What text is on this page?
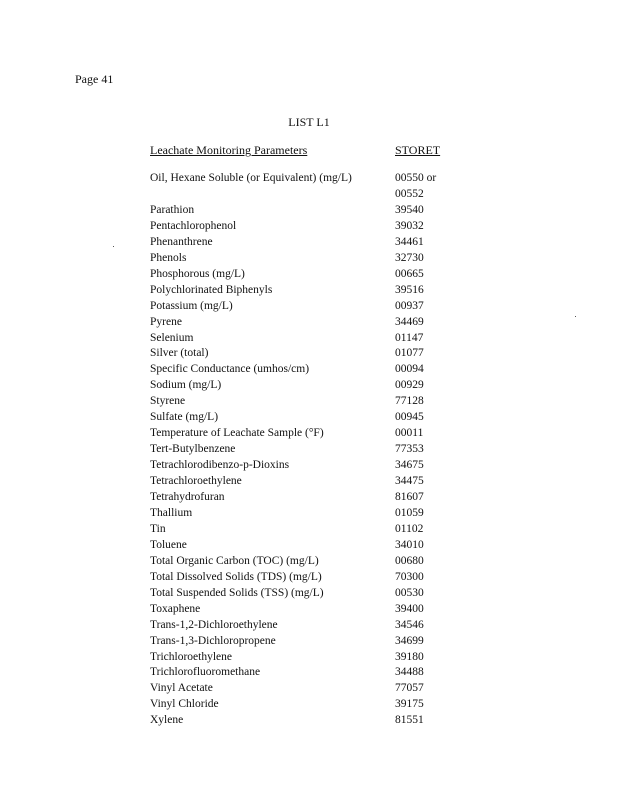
Page 41
LIST L1
Leachate Monitoring Parameters	STORET
Oil, Hexane Soluble (or Equivalent) (mg/L)	00550 or
00552
Parathion	39540
Pentachlorophenol	39032
Phenanthrene	34461
Phenols	32730
Phosphorous (mg/L)	00665
Polychlorinated Biphenyls	39516
Potassium (mg/L)	00937
Pyrene	34469
Selenium	01147
Silver (total)	01077
Specific Conductance (umhos/cm)	00094
Sodium (mg/L)	00929
Styrene	77128
Sulfate (mg/L)	00945
Temperature of Leachate Sample (°F)	00011
Tert-Butylbenzene	77353
Tetrachlorodibenzo-p-Dioxins	34675
Tetrachloroethylene	34475
Tetrahydrofuran	81607
Thallium	01059
Tin	01102
Toluene	34010
Total Organic Carbon (TOC) (mg/L)	00680
Total Dissolved Solids (TDS) (mg/L)	70300
Total Suspended Solids (TSS) (mg/L)	00530
Toxaphene	39400
Trans-1,2-Dichloroethylene	34546
Trans-1,3-Dichloropropene	34699
Trichloroethylene	39180
Trichlorofluoromethane	34488
Vinyl Acetate	77057
Vinyl Chloride	39175
Xylene	81551
